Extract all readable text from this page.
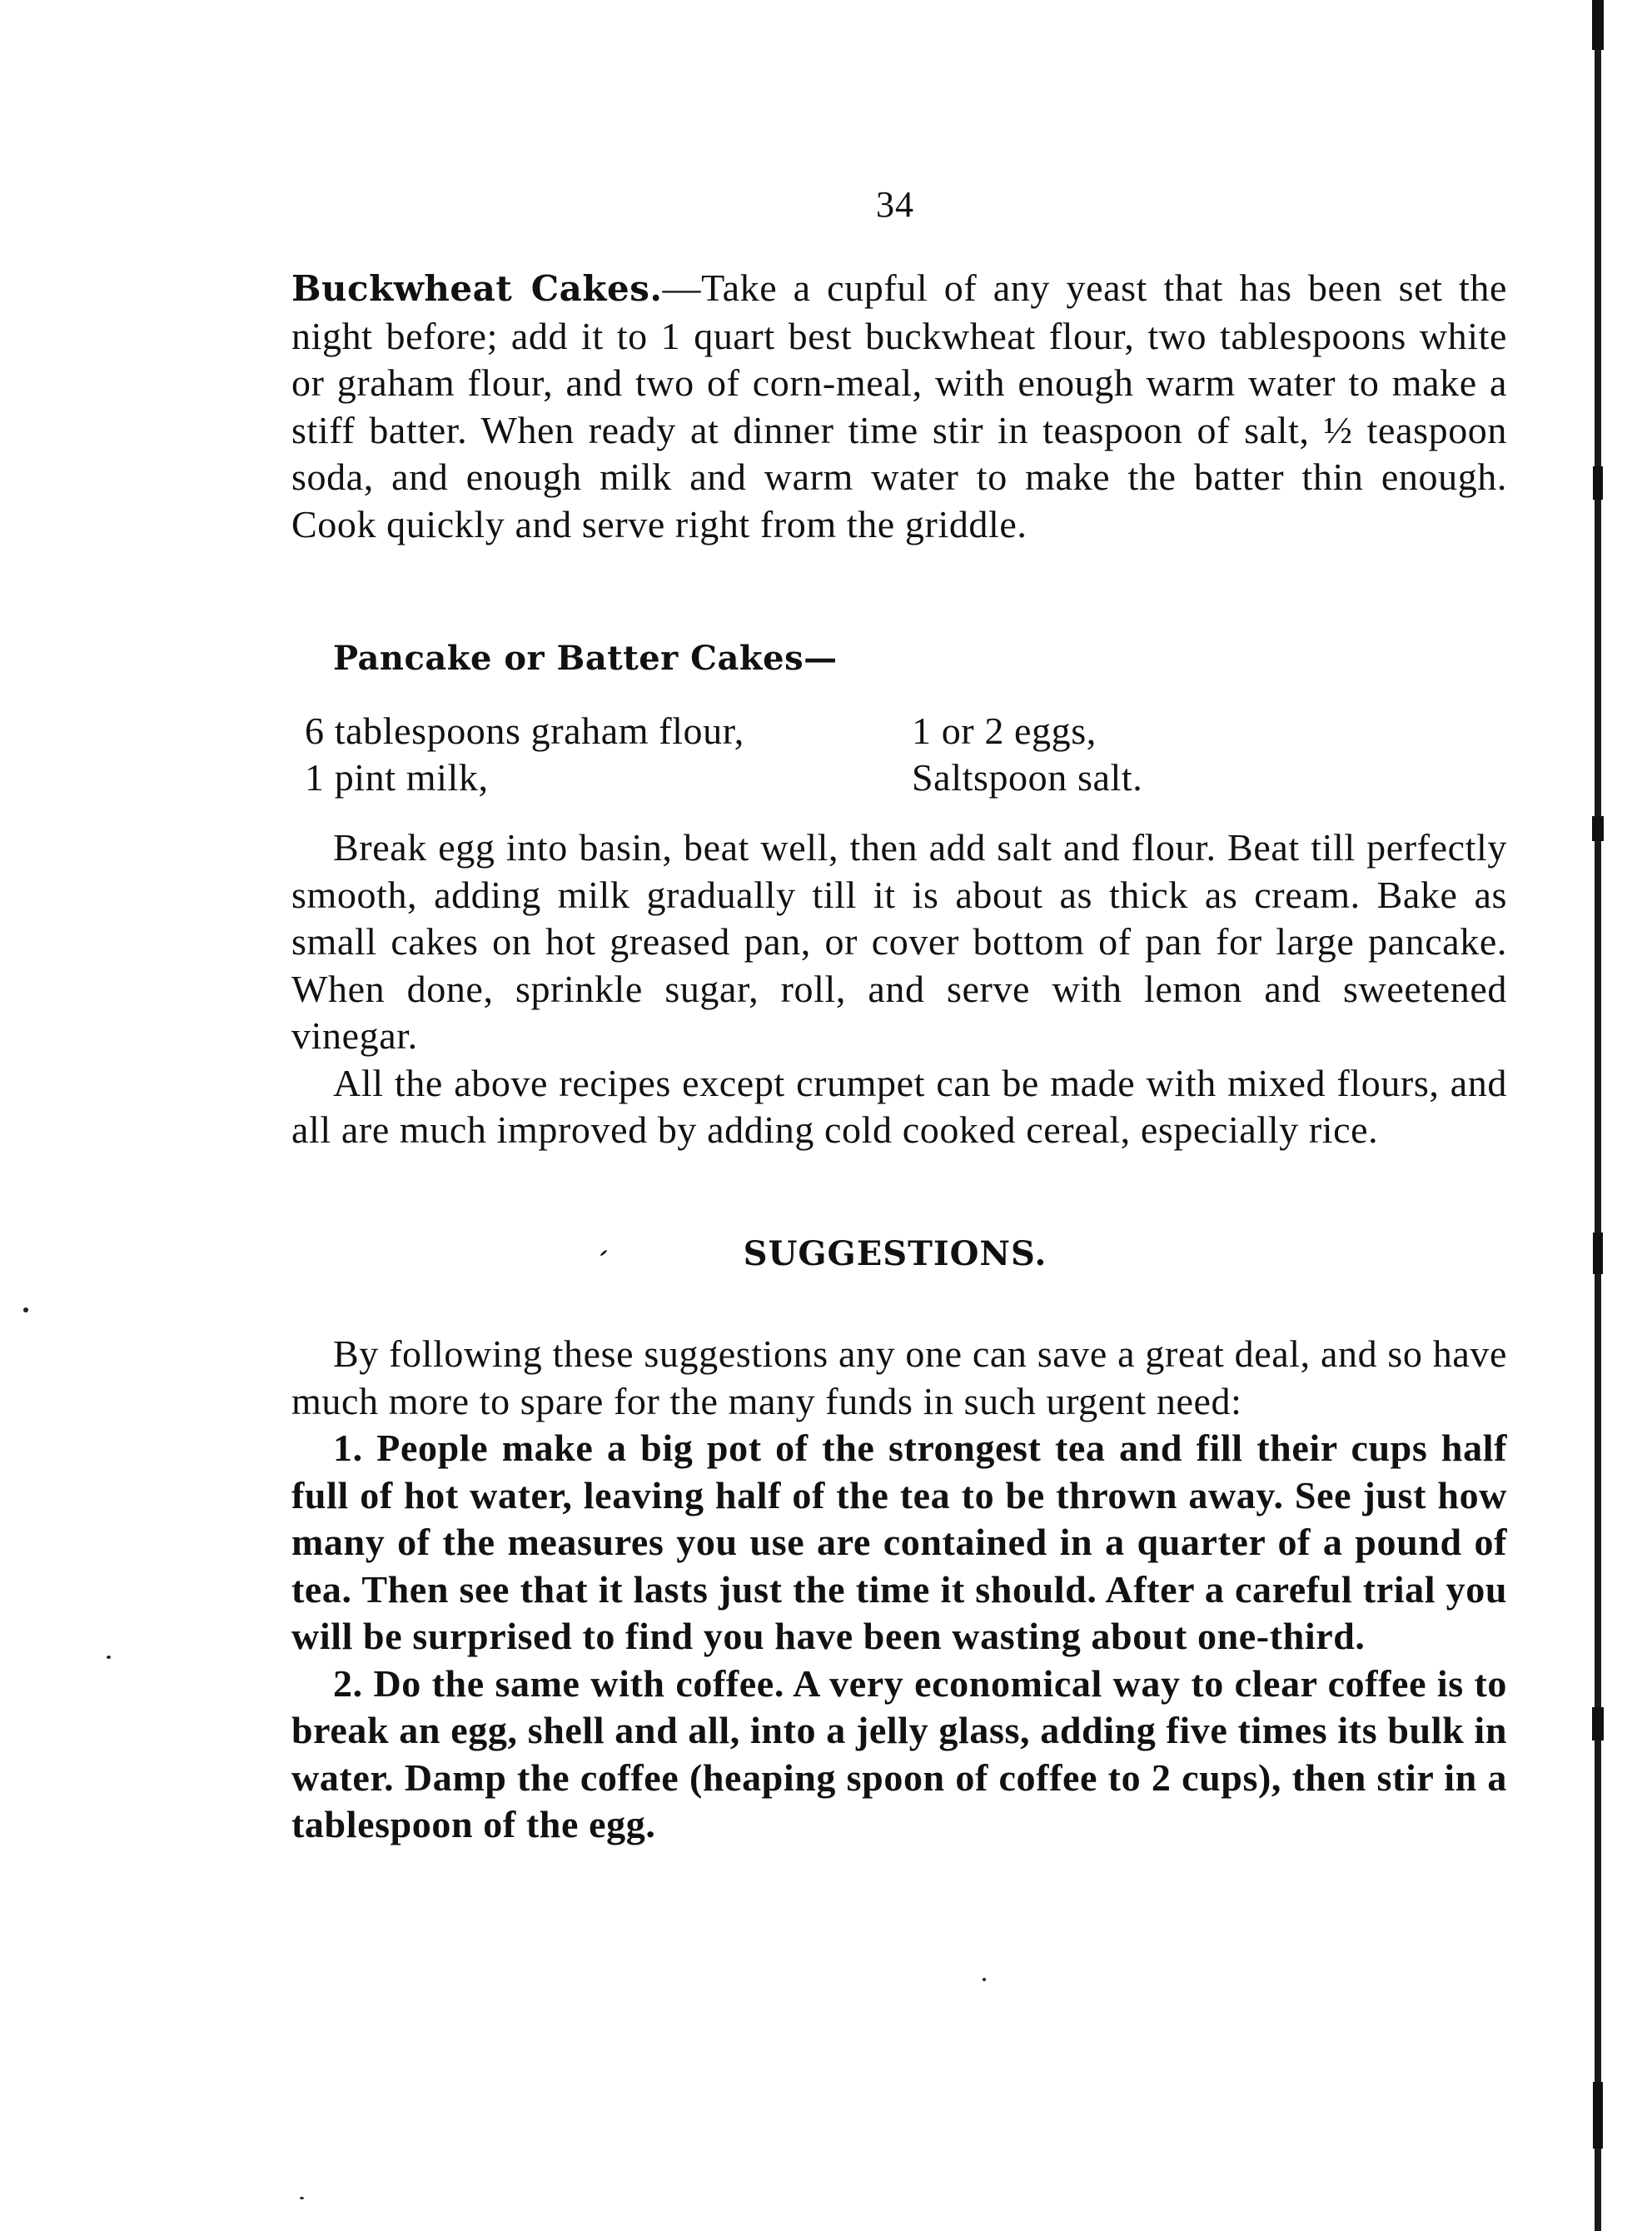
34

Buckwheat Cakes.—Take a cupful of any yeast that has been set the night before; add it to 1 quart best buckwheat flour, two tablespoons white or graham flour, and two of corn-meal, with enough warm water to make a stiff batter. When ready at dinner time stir in teaspoon of salt, ½ teaspoon soda, and enough milk and warm water to make the batter thin enough. Cook quickly and serve right from the griddle.

Pancake or Batter Cakes—
6 tablespoons graham flour,	1 or 2 eggs,
1 pint milk,	Saltspoon salt.

Break egg into basin, beat well, then add salt and flour. Beat till perfectly smooth, adding milk gradually till it is about as thick as cream. Bake as small cakes on hot greased pan, or cover bottom of pan for large pancake. When done, sprinkle sugar, roll, and serve with lemon and sweetened vinegar.

All the above recipes except crumpet can be made with mixed flours, and all are much improved by adding cold cooked cereal, especially rice.

SUGGESTIONS.

By following these suggestions any one can save a great deal, and so have much more to spare for the many funds in such urgent need:

1. People make a big pot of the strongest tea and fill their cups half full of hot water, leaving half of the tea to be thrown away. See just how many of the measures you use are contained in a quarter of a pound of tea. Then see that it lasts just the time it should. After a careful trial you will be surprised to find you have been wasting about one-third.

2. Do the same with coffee. A very economical way to clear coffee is to break an egg, shell and all, into a jelly glass, adding five times its bulk in water. Damp the coffee (heaping spoon of coffee to 2 cups), then stir in a tablespoon of the egg.
